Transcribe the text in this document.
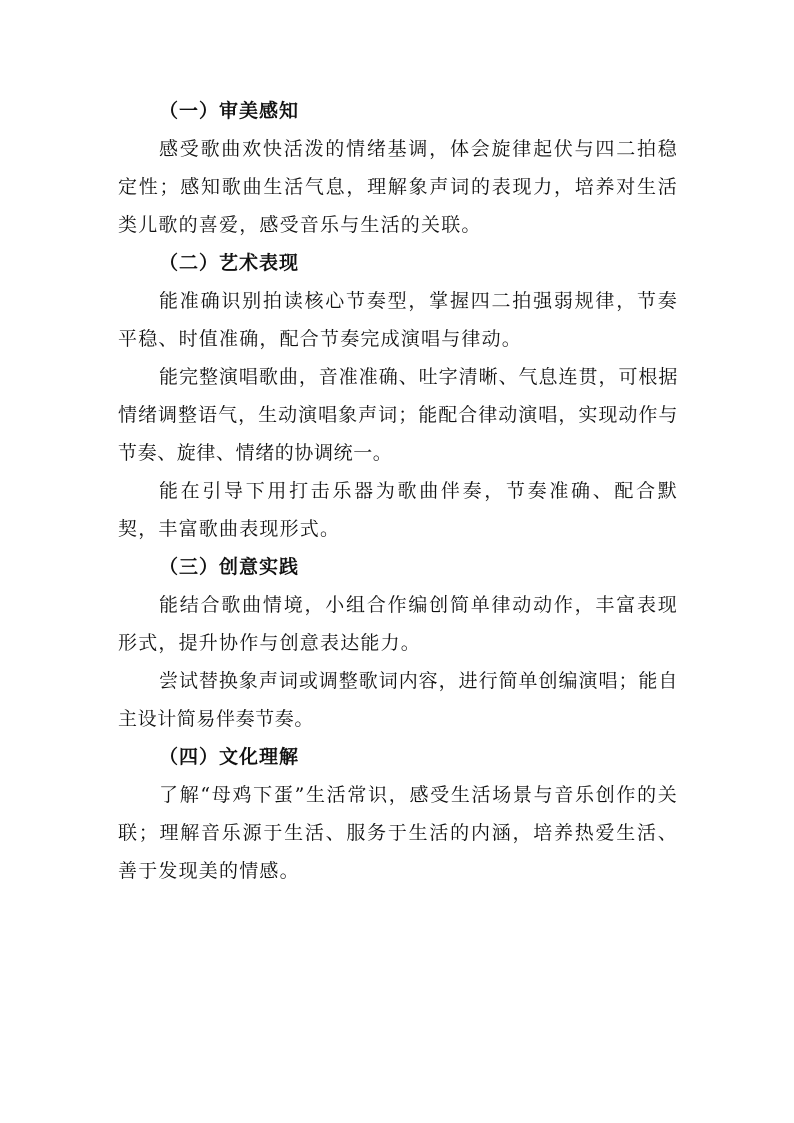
（一）审美感知

感受歌曲欢快活泼的情绪基调，体会旋律起伏与四二拍稳定性；感知歌曲生活气息，理解象声词的表现力，培养对生活类儿歌的喜爱，感受音乐与生活的关联。

（二）艺术表现

能准确识别拍读核心节奏型，掌握四二拍强弱规律，节奏平稳、时值准确，配合节奏完成演唱与律动。

能完整演唱歌曲，音准准确、吐字清晰、气息连贯，可根据情绪调整语气，生动演唱象声词；能配合律动演唱，实现动作与节奏、旋律、情绪的协调统一。

能在引导下用打击乐器为歌曲伴奏，节奏准确、配合默契，丰富歌曲表现形式。

（三）创意实践

能结合歌曲情境，小组合作编创简单律动动作，丰富表现形式，提升协作与创意表达能力。

尝试替换象声词或调整歌词内容，进行简单创编演唱；能自主设计简易伴奏节奏。

（四）文化理解

了解“母鸡下蛋”生活常识，感受生活场景与音乐创作的关联；理解音乐源于生活、服务于生活的内涵，培养热爱生活、善于发现美的情感。
